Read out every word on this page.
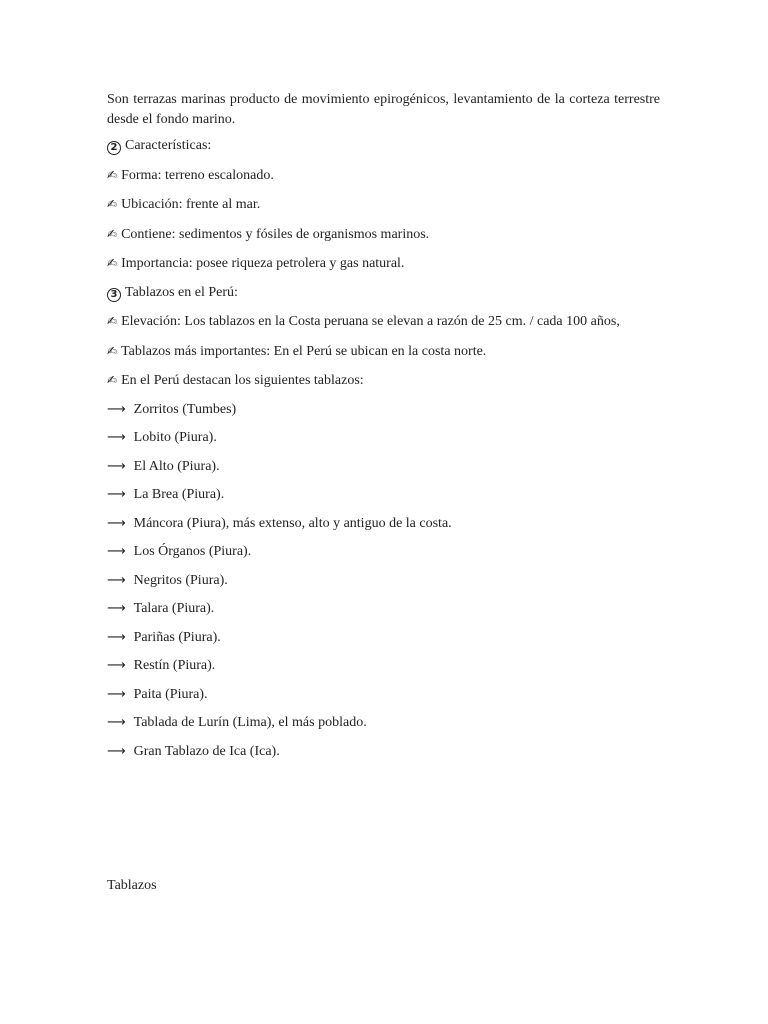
Son terrazas marinas producto de movimiento epirogénicos, levantamiento de la corteza terrestre desde el fondo marino.

2 Características:

✍ Forma: terreno escalonado.

✍ Ubicación: frente al mar.

✍ Contiene: sedimentos y fósiles de organismos marinos.

✍ Importancia: posee riqueza petrolera y gas natural.

3 Tablazos en el Perú:

✍ Elevación: Los tablazos en la Costa peruana se elevan a razón de 25 cm. / cada 100 años,

✍ Tablazos más importantes: En el Perú se ubican en la costa norte.

✍ En el Perú destacan los siguientes tablazos:

⟶ Zorritos (Tumbes)

⟶ Lobito (Piura).

⟶ El Alto (Piura).

⟶ La Brea (Piura).

⟶ Máncora (Piura), más extenso, alto y antiguo de la costa.

⟶ Los Órganos (Piura).

⟶ Negritos (Piura).

⟶ Talara (Piura).

⟶ Pariñas (Piura).

⟶ Restín (Piura).

⟶ Paita (Piura).

⟶ Tablada de Lurín (Lima), el más poblado.

⟶ Gran Tablazo de Ica (Ica).

Tablazos
